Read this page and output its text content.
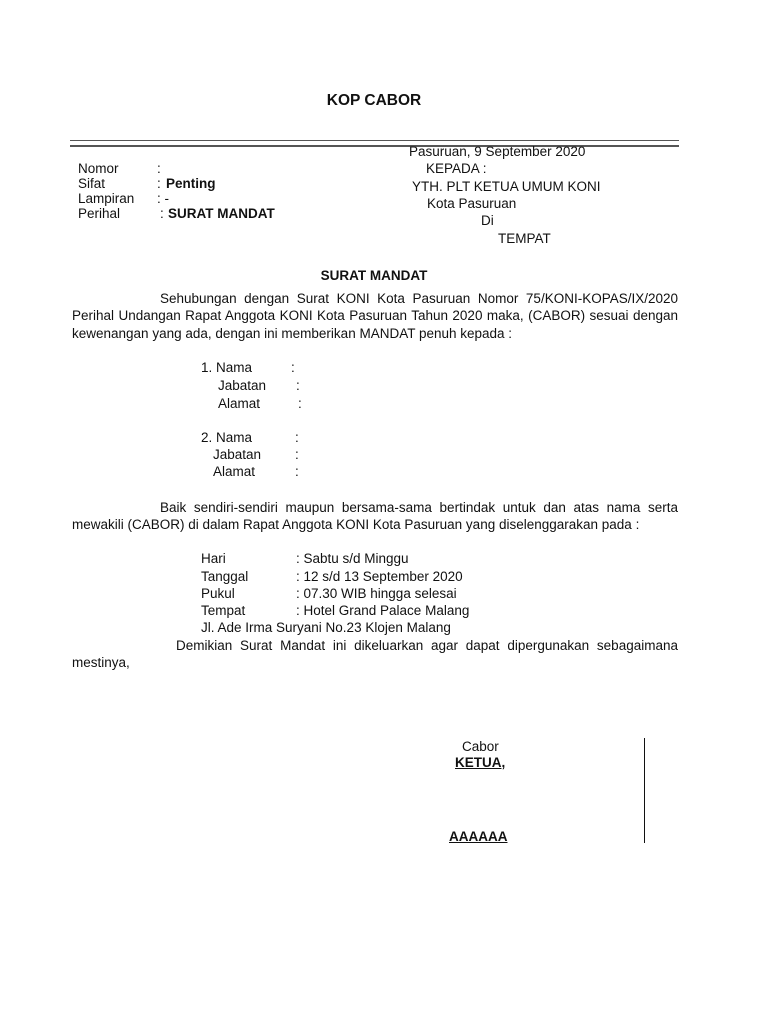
KOP CABOR
Nomor	:
Sifat	: Penting
Lampiran : -
Perihal	: SURAT MANDAT
Pasuruan, 9 September 2020
KEPADA :
YTH. PLT KETUA UMUM KONI
Kota Pasuruan
Di
TEMPAT
SURAT MANDAT
Sehubungan dengan Surat KONI Kota Pasuruan Nomor 75/KONI-KOPAS/IX/2020 Perihal Undangan Rapat Anggota KONI Kota Pasuruan Tahun 2020 maka, (CABOR) sesuai dengan kewenangan yang ada, dengan ini memberikan MANDAT penuh kepada :
1. Nama	:
Jabatan :
Alamat	:
2. Nama	:
Jabatan	:
Alamat	:
Baik sendiri-sendiri maupun bersama-sama bertindak untuk dan atas nama serta mewakili (CABOR) di dalam Rapat Anggota KONI Kota Pasuruan yang diselenggarakan pada :
Hari	: Sabtu s/d Minggu
Tanggal	: 12 s/d 13 September 2020
Pukul	: 07.30 WIB hingga selesai
Tempat	: Hotel Grand Palace Malang
Jl. Ade Irma Suryani No.23 Klojen Malang
Demikian Surat Mandat ini dikeluarkan agar dapat dipergunakan sebagaimana mestinya,
Cabor
KETUA,
AAAAAA
